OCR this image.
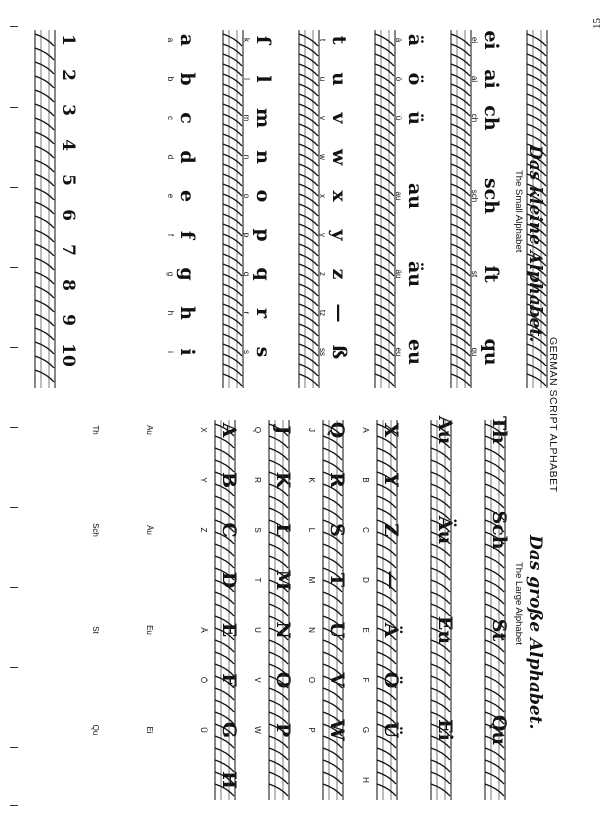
15
GERMAN SCRIPT ALPHABET
Das kleine Alphabet.
The Small Alphabet
Das große Alphabet.
The Large Alphabet
a
b
c
d
e
f
g
h
i
a
b
c
d
e
f
g
h
i
ſ
l
m
n
o
p
q
r
s
k
l
m
n
o
p
q
r
s
t
u
v
w
x
y
z
—
ß
t
u
v
w
x
y
z
tz
ss
ä
ö
ü
au
äu
eu
ä
ö
ü
au
äu
eu
ei
ai
ch
sch
ſt
qu
ei
ai
ch
sch
st
qu
1
2
3
4
5
6
7
8
9
10
A
B
C
D
E
F
G
H
J
K
L
M
N
O
P
Q
R
S
T
U
V
W
X
Y
Z
—
Ä
Ö
Ü
Au
Äu
Eu
Ei
Th
Sch
St
Qu
A
B
C
D
E
F
G
H
J
K
L
M
N
O
P
Q
R
S
T
U
V
W
X
Y
Z
Ä
Ö
Ü
Au
Äu
Eu
Ei
Th
Sch
St
Qu
